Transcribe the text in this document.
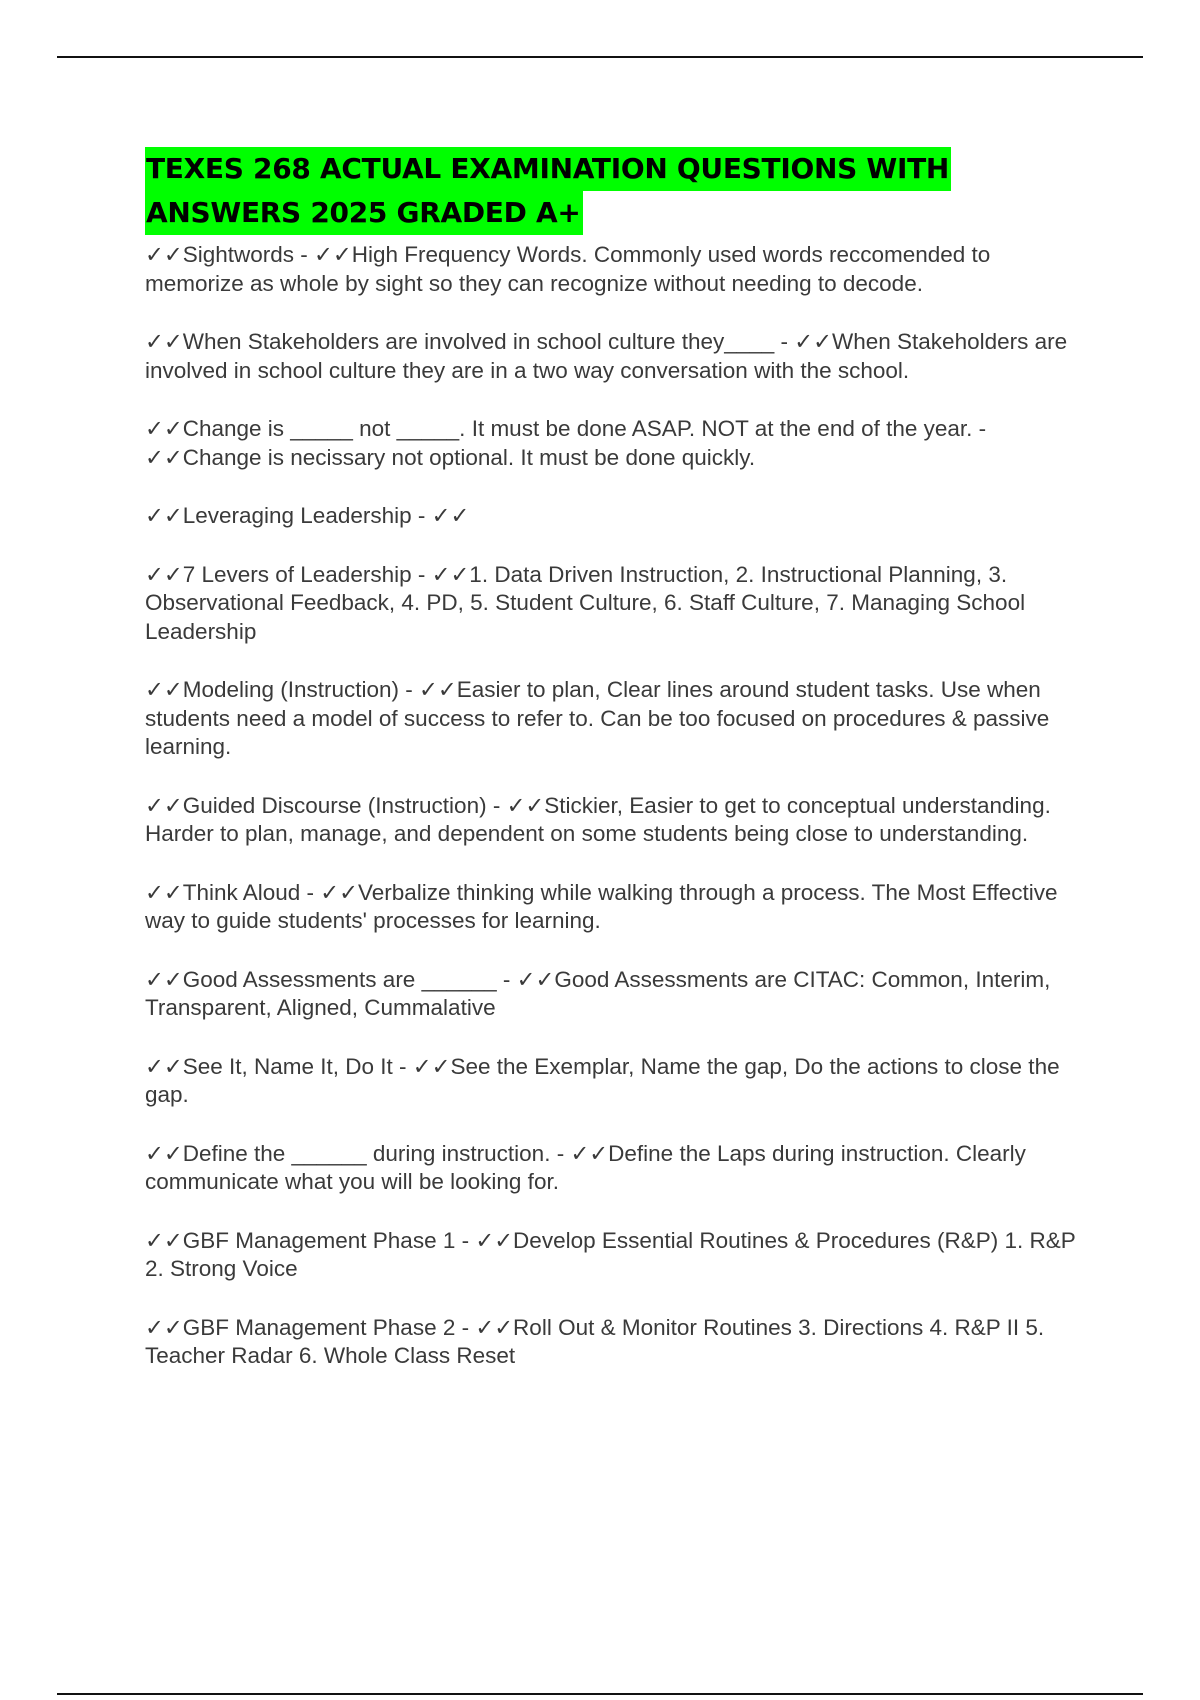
TEXES 268 ACTUAL EXAMINATION QUESTIONS WITH
ANSWERS 2025 GRADED A+

✓✓Sightwords - ✓✓High Frequency Words. Commonly used words reccomended to memorize as whole by sight so they can recognize without needing to decode.

✓✓When Stakeholders are involved in school culture they____ - ✓✓When Stakeholders are involved in school culture they are in a two way conversation with the school.

✓✓Change is _____ not _____. It must be done ASAP. NOT at the end of the year. - ✓✓Change is necissary not optional. It must be done quickly.

✓✓Leveraging Leadership - ✓✓

✓✓7 Levers of Leadership - ✓✓1. Data Driven Instruction, 2. Instructional Planning, 3. Observational Feedback, 4. PD, 5. Student Culture, 6. Staff Culture, 7. Managing School Leadership

✓✓Modeling (Instruction) - ✓✓Easier to plan, Clear lines around student tasks. Use when students need a model of success to refer to. Can be too focused on procedures & passive learning.

✓✓Guided Discourse (Instruction) - ✓✓Stickier, Easier to get to conceptual understanding. Harder to plan, manage, and dependent on some students being close to understanding.

✓✓Think Aloud - ✓✓Verbalize thinking while walking through a process. The Most Effective way to guide students' processes for learning.

✓✓Good Assessments are ______ - ✓✓Good Assessments are CITAC: Common, Interim, Transparent, Aligned, Cummalative

✓✓See It, Name It, Do It - ✓✓See the Exemplar, Name the gap, Do the actions to close the gap.

✓✓Define the ______ during instruction. - ✓✓Define the Laps during instruction. Clearly communicate what you will be looking for.

✓✓GBF Management Phase 1 - ✓✓Develop Essential Routines & Procedures (R&P) 1. R&P 2. Strong Voice

✓✓GBF Management Phase 2 - ✓✓Roll Out & Monitor Routines 3. Directions 4. R&P II 5. Teacher Radar 6. Whole Class Reset
